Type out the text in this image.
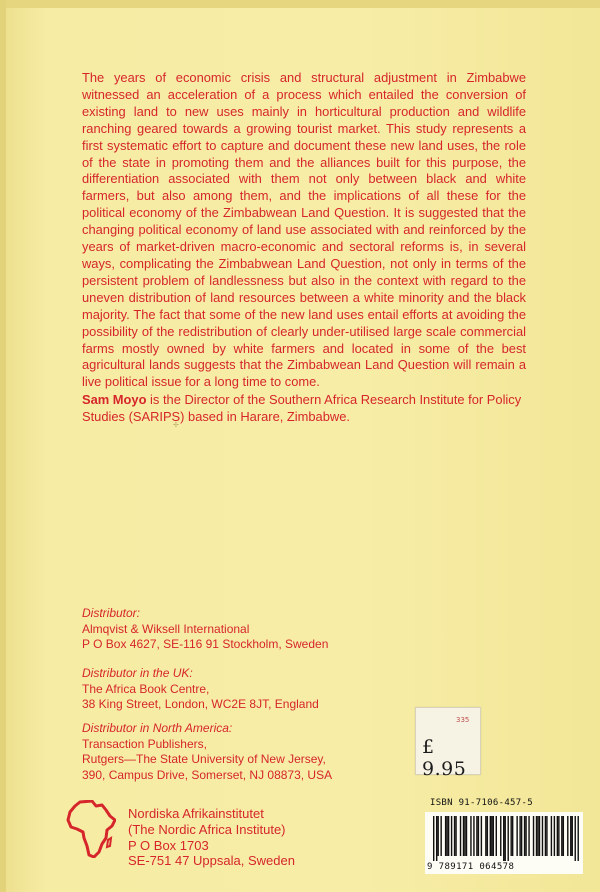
The years of economic crisis and structural adjustment in Zimbabwe witnessed an acceleration of a process which entailed the conversion of existing land to new uses mainly in horticultural production and wildlife ranching geared towards a growing tourist market. This study represents a first systematic effort to capture and document these new land uses, the role of the state in promoting them and the alliances built for this purpose, the differentiation associated with them not only between black and white farmers, but also among them, and the implications of all these for the political economy of the Zimbabwean Land Question. It is suggested that the changing political economy of land use associated with and reinforced by the years of market-driven macro-economic and sectoral reforms is, in several ways, complicating the Zimbabwean Land Question, not only in terms of the persistent problem of landlessness but also in the context with regard to the uneven distribution of land resources between a white minority and the black majority. The fact that some of the new land uses entail efforts at avoiding the possibility of the redistribution of clearly under-utilised large scale commercial farms mostly owned by white farmers and located in some of the best agricultural lands suggests that the Zimbabwean Land Question will remain a live political issue for a long time to come.

Sam Moyo is the Director of the Southern Africa Research Institute for Policy Studies (SARIPS) based in Harare, Zimbabwe.

✢
Distributor:
Almqvist & Wiksell International
P O Box 4627, SE-116 91 Stockholm, Sweden
Distributor in the UK:
The Africa Book Centre,
38 King Street, London, WC2E 8JT, England
Distributor in North America:
Transaction Publishers,
Rutgers—The State University of New Jersey,
390, Campus Drive, Somerset, NJ 08873, USA
Nordiska Afrikainstitutet
(The Nordic Africa Institute)
P O Box 1703
SE-751 47 Uppsala, Sweden
335
£ 9.95
ISBN 91-7106-457-5
9 789171 064578
